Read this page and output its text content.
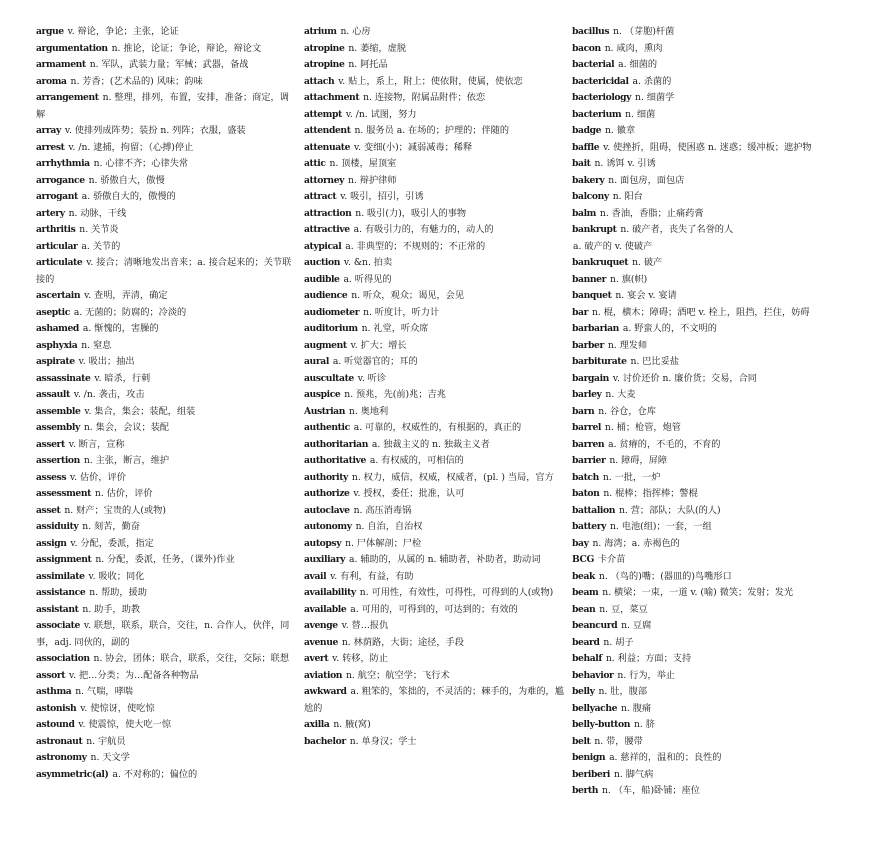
argue v. 辩论，争论；主张，论证

argumentation n. 推论，论证；争论，辩论，辩论文

armament n. 军队，武装力量；军械；武器，备战

aroma n. 芳香；(艺术品的) 风味；韵味

arrangement n. 整理，排列，布置，安排，准备；商定，调解

array v. 使排列成阵势；装扮 n. 列阵；衣服，盛装

arrest v. /n. 逮捕，拘留；（心搏)停止

arrhythmia n. 心律不齐；心律失常

arrogance n. 骄傲自大，傲慢

arrogant a. 骄傲自大的，傲慢的

artery n. 动脉，干线

arthritis n. 关节炎

articular a. 关节的

articulate v. 接合；清晰地发出音来；a. 接合起来的；关节联接的

ascertain v. 查明，弄清，确定

aseptic a. 无菌的；防腐的；冷淡的

ashamed a. 惭愧的，害臊的

asphyxia n. 窒息

aspirate v. 吸出；抽出

assassinate v. 暗杀，行刺

assault v. /n. 袭击，攻击

assemble v. 集合，集会；装配，组装

assembly n. 集会，会议；装配

assert v. 断言，宣称

assertion n. 主张，断言，维护

assess v. 估价，评价

assessment n. 估价，评价

asset n. 财产；宝贵的人(或物)

assiduity n. 刻苦，勤奋

assign v. 分配，委派，指定

assignment n. 分配，委派，任务，（课外)作业

assimilate v. 吸收；同化

assistance n. 帮助，援助

assistant n. 助手，助教

associate v. 联想，联系，联合，交往，n. 合作人，伙伴，同事，adj. 同伙的，副的

association n. 协会，团体；联合，联系，交往，交际；联想

assort v. 把…分类；为…配备各种物品

asthma n. 气喘，哮喘

astonish v. 使惊讶，使吃惊

astound v. 使震惊，使大吃一惊

astronaut n. 宇航员

astronomy n. 天文学

asymmetric(al) a. 不对称的；偏位的

atrium n. 心房

atropine n. 萎缩，虚脱

atropine n. 阿托品

attach v. 贴上，系上，附上；使依附，使属，使依恋

attachment n. 连接物，附属品附件；依恋

attempt v. /n. 试图，努力

attendent n. 服务员 a. 在场的；护理的；伴随的

attenuate v. 变细(小)；减弱减毒；稀释

attic n. 顶楼，屋顶室

attorney n. 辩护律师

attract v. 吸引，招引，引诱

attraction n. 吸引(力)，吸引人的事物

attractive a. 有吸引力的，有魅力的，动人的

atypical a. 非典型的；不规则的；不正常的

auction v. &n. 拍卖

audible a. 听得见的

audience n. 听众，观众；谒见，会见

audiometer n. 听度计，听力计

auditorium n. 礼堂，听众席

augment v. 扩大；增长

aural a. 听觉器官的；耳的

auscultate v. 听诊

auspice n. 预兆，先(前)兆；吉兆

Austrian n. 奥地利

authentic a. 可靠的，权威性的，有根据的，真正的

authoritarian a. 独裁主义的 n. 独裁主义者

authoritative a. 有权威的，可相信的

authority n. 权力，威信，权威，权威者，(pl. ) 当局，官方

authorize v. 授权，委任；批准，认可

autoclave n. 高压消毒锅

autonomy n. 自治，自治权

autopsy n. 尸体解剖；尸检

auxiliary a. 辅助的，从属的 n. 辅助者，补助者，助动词

avail v. 有利，有益，有助

availability n. 可用性，有效性，可得性，可得到的人(或物)

available a. 可用的，可得到的，可达到的；有效的

avenge v. 替…报仇

avenue n. 林荫路，大街；途径，手段

avert v. 转移，防止

aviation n. 航空；航空学；飞行术

awkward a. 粗笨的，笨拙的，不灵活的；棘手的，为难的，尴尬的

axilla n. 腋(窝)

bachelor n. 单身汉；学士

bacillus n. （芽胞)杆菌

bacon n. 咸肉，熏肉

bacterial a. 细菌的

bactericidal a. 杀菌的

bacteriology n. 细菌学

bacterium n. 细菌

badge n. 徽章

baffle v. 使挫折，阻碍，使困惑 n. 迷惑；缓冲板；遮护物

bait n. 诱饵 v. 引诱

bakery n. 面包房，面包店

balcony n. 阳台

balm n. 香油，香脂；止痛药膏

bankrupt n. 破产者，丧失了名誉的人

a. 破产的 v. 使破产

bankruquet n. 破产

banner n. 旗(帜)

banquet n. 宴会 v. 宴请

bar n. 棍，横木；障碍；酒吧 v. 栓上，阻挡，拦住，妨碍

barbarian a. 野蛮人的，不文明的

barber n. 理发师

barbiturate n. 巴比妥盐

bargain v. 讨价还价 n. 廉价货；交易，合同

barley n. 大麦

barn n. 谷仓，仓库

barrel n. 桶；枪管，炮管

barren a. 贫瘠的，不毛的，不育的

barrier n. 障碍，屏障

batch n. 一批，一炉

baton n. 棍棒；指挥棒；警棍

battalion n. 营；部队；大队(的人)

battery n. 电池(组)；一套，一组

bay n. 海湾；a. 赤褐色的

BCG 卡介苗

beak n. （鸟的)嘴；(器皿的)鸟嘴形口

beam n. 横梁；一束，一道 v. (喻) 微笑；发射；发光

bean n. 豆，菜豆

beancurd n. 豆腐

beard n. 胡子

behalf n. 利益；方面；支持

behavior n. 行为，举止

belly n. 肚，腹部

bellyache n. 腹痛

belly-button n. 脐

belt n. 带，腰带

benign a. 慈祥的，温和的；良性的

beriberi n. 脚气病

berth n. （车，船)卧铺；座位
